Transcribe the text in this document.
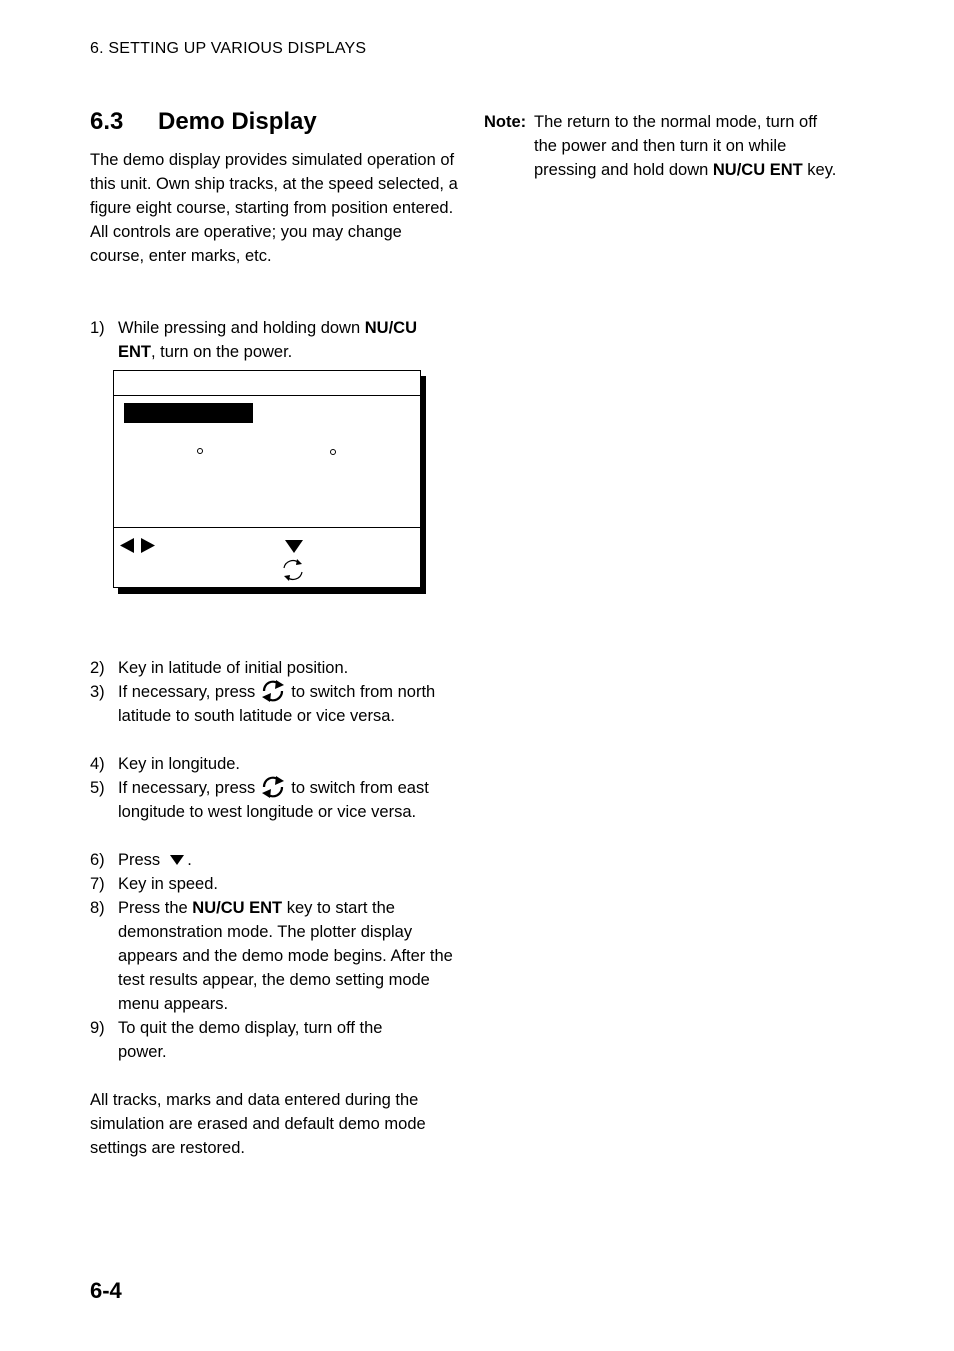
6. SETTING UP VARIOUS DISPLAYS
6.3 Demo Display
The demo display provides simulated operation of this unit. Own ship tracks, at the speed selected, a figure eight course, starting from position entered. All controls are operative; you may change course, enter marks, etc.
1) While pressing and holding down NU/CU ENT, turn on the power.
2) Key in latitude of initial position.
3) If necessary, press to switch from north latitude to south latitude or vice versa.
4) Key in longitude.
5) If necessary, press to switch from east longitude to west longitude or vice versa.
6) Press .
7) Key in speed.
8) Press the NU/CU ENT key to start the demonstration mode. The plotter display appears and the demo mode begins. After the test results appear, the demo setting mode menu appears.
9) To quit the demo display, turn off the power.
All tracks, marks and data entered during the simulation are erased and default demo mode settings are restored.
Note: The return to the normal mode, turn off the power and then turn it on while pressing and hold down NU/CU ENT key.
6-4
